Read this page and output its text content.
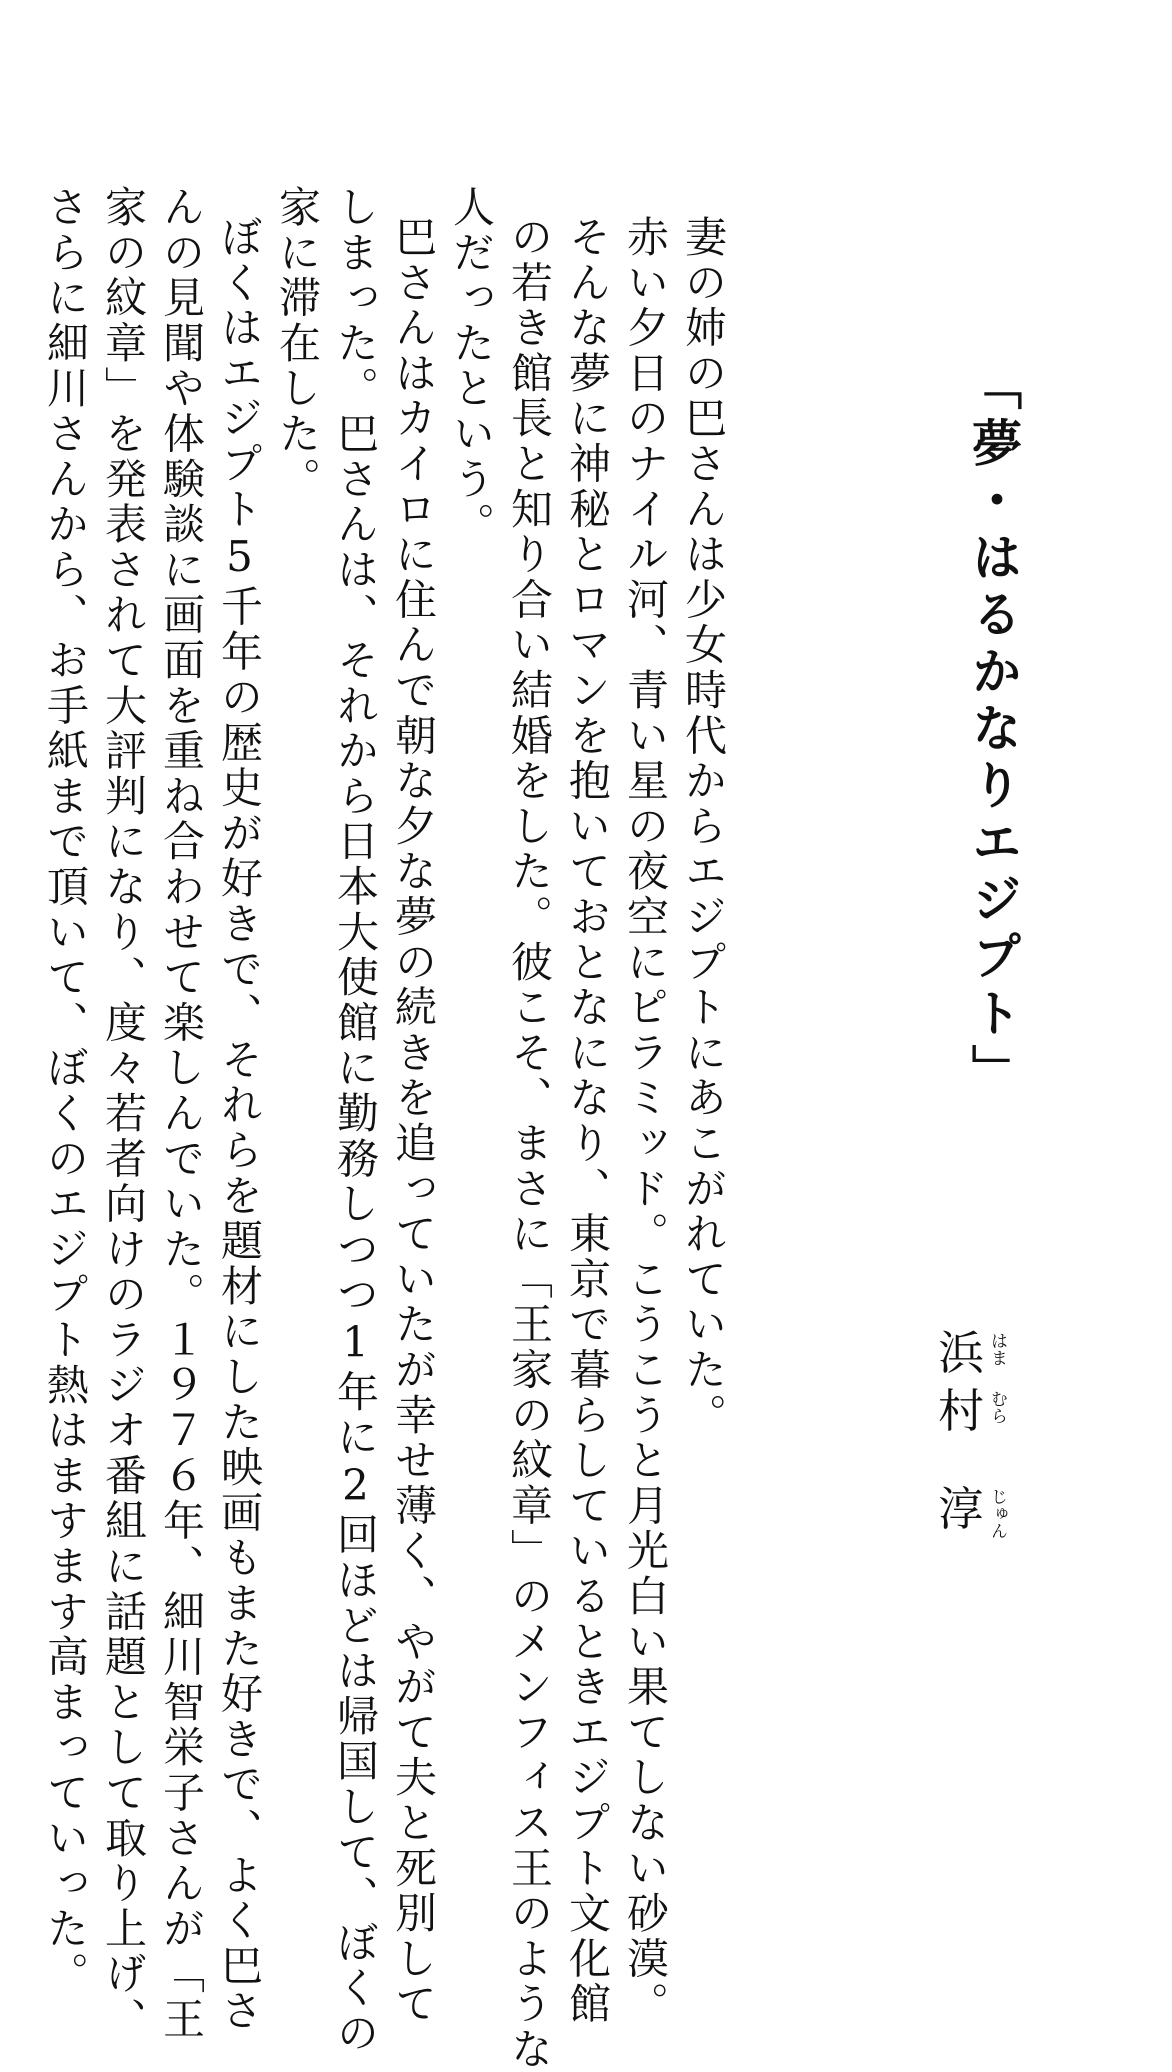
「夢・はるかなりエジプト」
浜 はま
村 むら
淳 じゅん
妻の姉の巴さんは少女時代からエジプトにあこがれていた。
赤い夕日のナイル河、青い星の夜空にピラミッド。こうこうと月光白い果てしない砂漠。
そんな夢に神秘とロマンを抱いておとなになり、東京で暮らしているときエジプト文化館
の若き館長と知り合い結婚をした。彼こそ、まさに「王家の紋章」のメンフィス王のような
人だったという。
巴さんはカイロに住んで朝な夕な夢の続きを追っていたが幸せ薄く、やがて夫と死別して
しまった。巴さんは、それから日本大使館に勤務しつつ1年に2回ほどは帰国して、ぼくの
家に滞在した。
ぼくはエジプト5千年の歴史が好きで、それらを題材にした映画もまた好きで、よく巴さ
んの見聞や体験談に画面を重ね合わせて楽しんでいた。１９７６年、細川智栄子さんが「王
家の紋章」を発表されて大評判になり、度々若者向けのラジオ番組に話題として取り上げ、
さらに細川さんから、お手紙まで頂いて、ぼくのエジプト熱はますます高まっていった。
